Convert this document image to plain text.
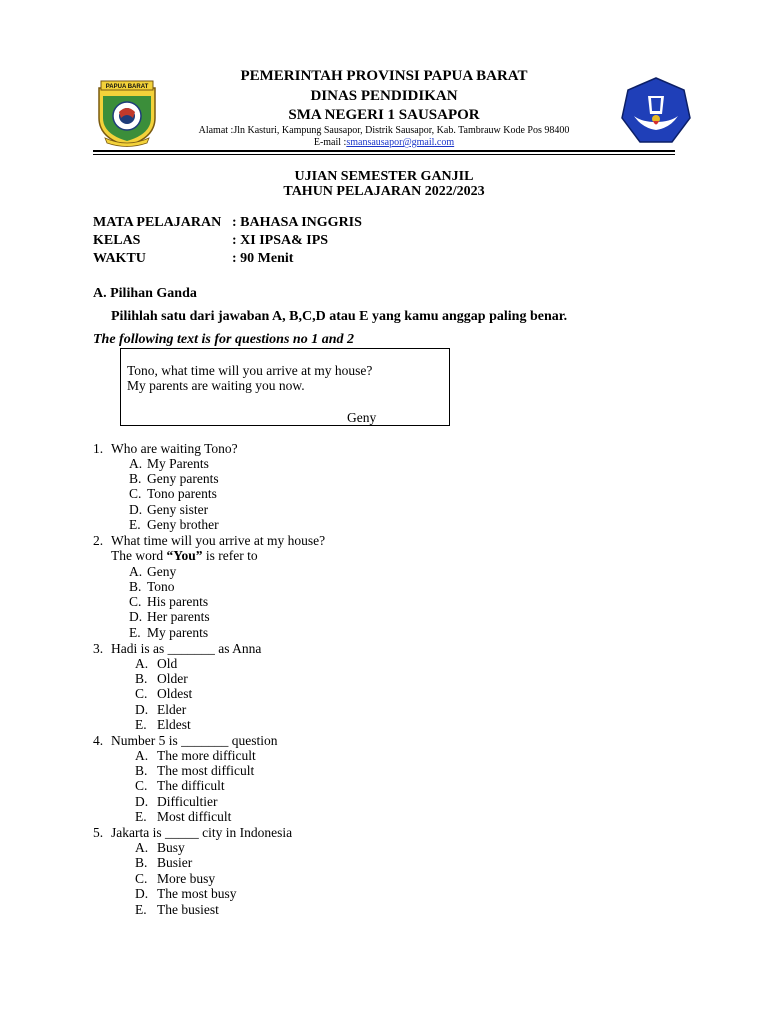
PAPUA BARAT
PEMERINTAH PROVINSI PAPUA BARAT
DINAS PENDIDIKAN
SMA NEGERI 1 SAUSAPOR
Alamat :Jln Kasturi, Kampung Sausapor, Distrik Sausapor, Kab. Tambrauw Kode Pos 98400
E-mail :smansausapor@gmail.com
UJIAN SEMESTER GANJIL
TAHUN PELAJARAN 2022/2023
MATA PELAJARAN : BAHASA INGGRIS
KELAS	: XI IPSA& IPS
WAKTU	: 90 Menit
A. Pilihan Ganda
Pilihlah satu dari jawaban A, B,C,D atau E yang kamu anggap paling benar.
The following text is for questions no 1 and 2
Tono, what time will you arrive at my house?
My parents are waiting you now.
Geny
1. Who are waiting Tono?
A. My Parents
B. Geny parents
C. Tono parents
D. Geny sister
E. Geny brother
2. What time will you arrive at my house?
The word “You” is refer to
A. Geny
B. Tono
C. His parents
D. Her parents
E. My parents
3. Hadi is as _______ as Anna
A. Old
B. Older
C. Oldest
D. Elder
E. Eldest
4. Number 5 is _______ question
A. The more difficult
B. The most difficult
C. The difficult
D. Difficultier
E. Most difficult
5. Jakarta is _____ city in Indonesia
A. Busy
B. Busier
C. More busy
D. The most busy
E. The busiest
